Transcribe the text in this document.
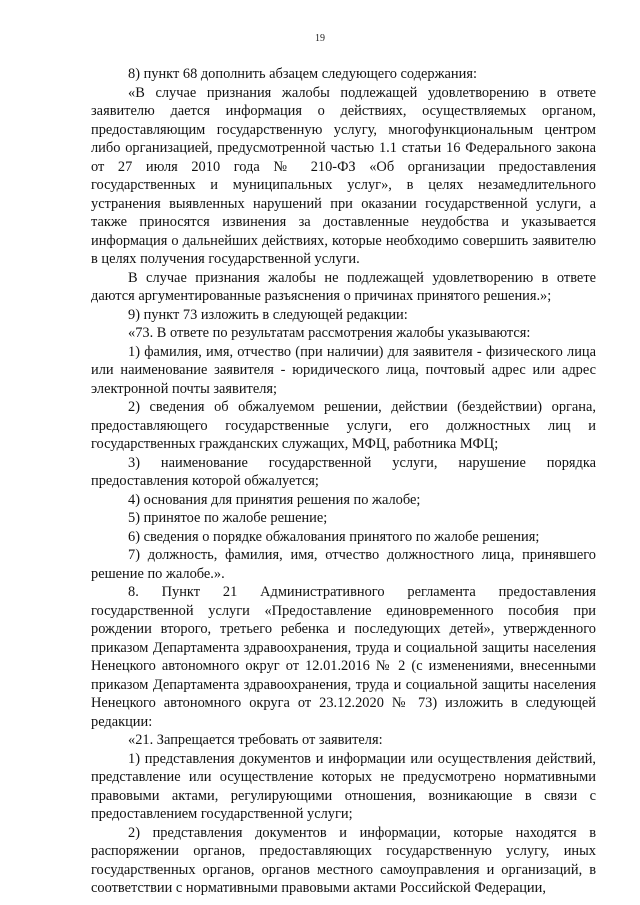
19

8) пункт 68 дополнить абзацем следующего содержания:

«В случае признания жалобы подлежащей удовлетворению в ответе заявителю дается информация о действиях, осуществляемых органом, предоставляющим государственную услугу, многофункциональным центром либо организацией, предусмотренной частью 1.1 статьи 16 Федерального закона от 27 июля 2010 года № 210-ФЗ «Об организации предоставления государственных и муниципальных услуг», в целях незамедлительного устранения выявленных нарушений при оказании государственной услуги, а также приносятся извинения за доставленные неудобства и указывается информация о дальнейших действиях, которые необходимо совершить заявителю в целях получения государственной услуги.

В случае признания жалобы не подлежащей удовлетворению в ответе даются аргументированные разъяснения о причинах принятого решения.»;

9) пункт 73 изложить в следующей редакции:

«73. В ответе по результатам рассмотрения жалобы указываются:

1) фамилия, имя, отчество (при наличии) для заявителя - физического лица или наименование заявителя - юридического лица, почтовый адрес или адрес электронной почты заявителя;

2) сведения об обжалуемом решении, действии (бездействии) органа, предоставляющего государственные услуги, его должностных лиц и государственных гражданских служащих, МФЦ, работника МФЦ;

3) наименование государственной услуги, нарушение порядка предоставления которой обжалуется;

4) основания для принятия решения по жалобе;

5) принятое по жалобе решение;

6) сведения о порядке обжалования принятого по жалобе решения;

7) должность, фамилия, имя, отчество должностного лица, принявшего решение по жалобе.».

8. Пункт 21 Административного регламента предоставления государственной услуги «Предоставление единовременного пособия при рождении второго, третьего ребенка и последующих детей», утвержденного приказом Департамента здравоохранения, труда и социальной защиты населения Ненецкого автономного округ от 12.01.2016 № 2 (с изменениями, внесенными приказом Департамента здравоохранения, труда и социальной защиты населения Ненецкого автономного округа от 23.12.2020 № 73) изложить в следующей редакции:

«21. Запрещается требовать от заявителя:

1) представления документов и информации или осуществления действий, представление или осуществление которых не предусмотрено нормативными правовыми актами, регулирующими отношения, возникающие в связи с предоставлением государственной услуги;

2) представления документов и информации, которые находятся в распоряжении органов, предоставляющих государственную услугу, иных государственных органов, органов местного самоуправления и организаций, в соответствии с нормативными правовыми актами Российской Федерации,
